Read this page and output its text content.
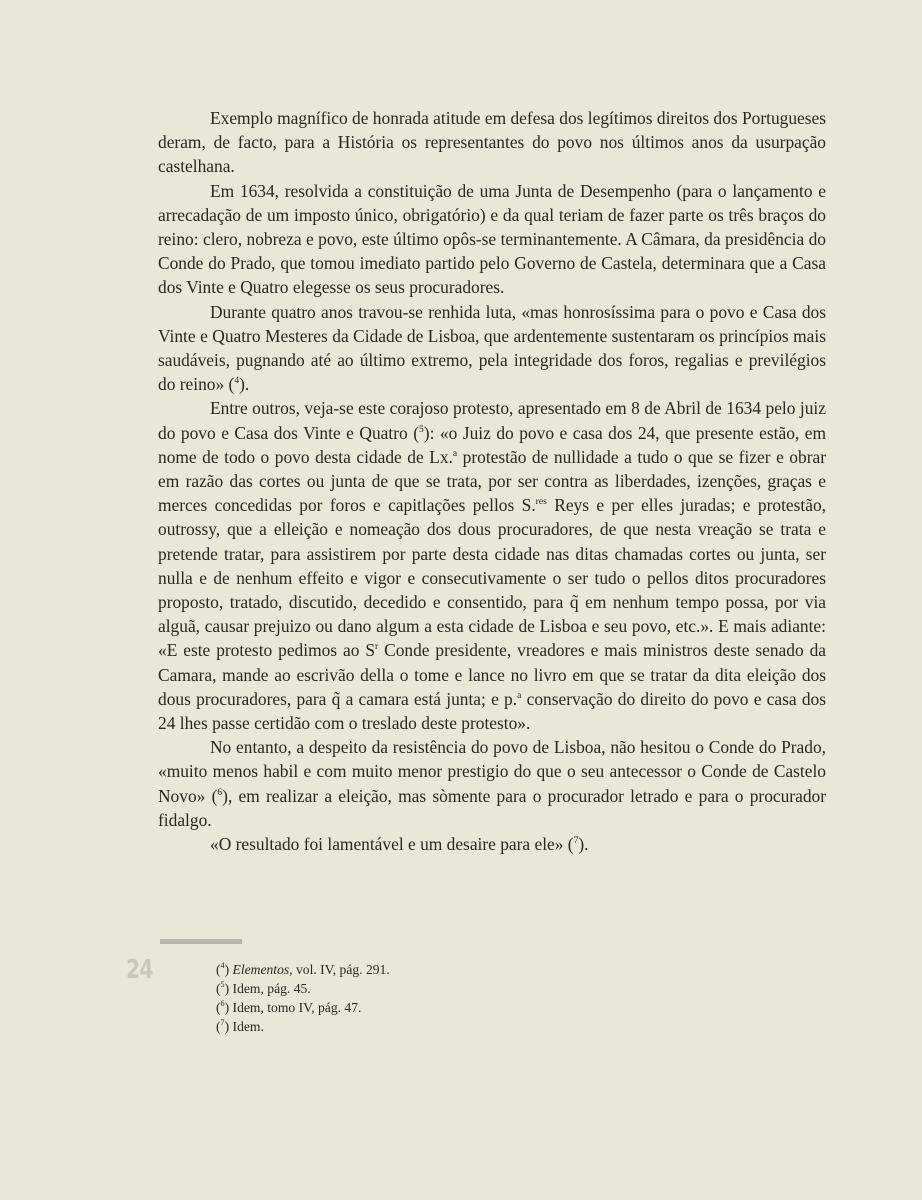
Exemplo magnífico de honrada atitude em defesa dos legítimos direitos dos Portugueses deram, de facto, para a História os representantes do povo nos últimos anos da usurpação castelhana.

Em 1634, resolvida a constituição de uma Junta de Desempenho (para o lançamento e arrecadação de um imposto único, obrigatório) e da qual teriam de fazer parte os três braços do reino: clero, nobreza e povo, este último opôs-se terminantemente. A Câmara, da presidência do Conde do Prado, que tomou imediato partido pelo Governo de Castela, determinara que a Casa dos Vinte e Quatro elegesse os seus procuradores.

Durante quatro anos travou-se renhida luta, «mas honrosíssima para o povo e Casa dos Vinte e Quatro Mesteres da Cidade de Lisboa, que ardentemente sustentaram os princípios mais saudáveis, pugnando até ao último extremo, pela integridade dos foros, regalias e previlégios do reino» ($^4$).

Entre outros, veja-se este corajoso protesto, apresentado em 8 de Abril de 1634 pelo juiz do povo e Casa dos Vinte e Quatro ($^5$): «o Juiz do povo e casa dos 24, que presente estão, em nome de todo o povo desta cidade de Lx.$^a$ protestão de nullidade a tudo o que se fizer e obrar em razão das cortes ou junta de que se trata, por ser contra as liberdades, izenções, graças e merces concedidas por foros e capitlações pellos S.$^{res}$ Reys e per elles juradas; e protestão, outrossy, que a elleição e nomeação dos dous procuradores, de que nesta vreação se trata e pretende tratar, para assistirem por parte desta cidade nas ditas chamadas cortes ou junta, ser nulla e de nenhum effeito e vigor e consecutivamente o ser tudo o pellos ditos procuradores proposto, tratado, discutido, decedido e consentido, para q̃ em nenhum tempo possa, por via alguã, causar prejuizo ou dano algum a esta cidade de Lisboa e seu povo, etc.». E mais adiante: «E este protesto pedimos ao $S^r$ Conde presidente, vreadores e mais ministros deste senado da Camara, mande ao escrivão della o tome e lance no livro em que se tratar da dita eleição dos dous procuradores, para q̃ a camara está junta; e p.$^a$ conservação do direito do povo e casa dos 24 lhes passe certidão com o treslado deste protesto».

No entanto, a despeito da resistência do povo de Lisboa, não hesitou o Conde do Prado, «muito menos habil e com muito menor prestigio do que o seu antecessor o Conde de Castelo Novo» ($^6$), em realizar a eleição, mas sòmente para o procurador letrado e para o procurador fidalgo.

«O resultado foi lamentável e um desaire para ele» ($^7$).

24	($^4$) Elementos, vol. IV, pág. 291.

($^5$) Idem, pág. 45.

($^6$) Idem, tomo IV, pág. 47.

($^7$) Idem.
